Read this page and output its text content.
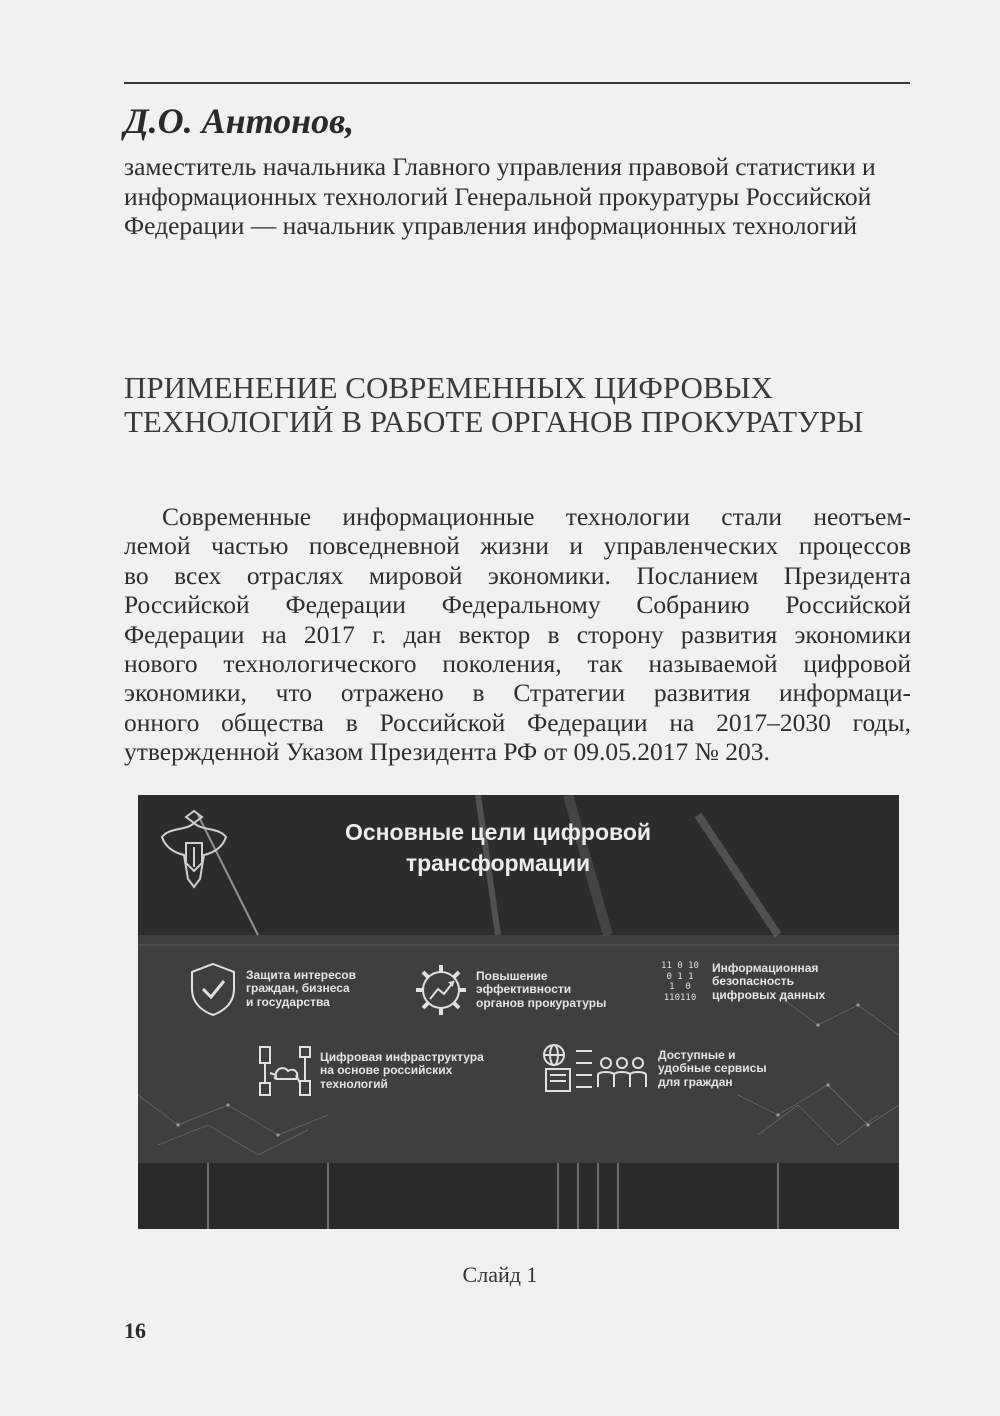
Д.О. Антонов,

заместитель начальника Главного управления правовой статистики и информационных технологий Генеральной прокуратуры Российской Федерации — начальник управления информационных технологий

ПРИМЕНЕНИЕ СОВРЕМЕННЫХ ЦИФРОВЫХ ТЕХНОЛОГИЙ В РАБОТЕ ОРГАНОВ ПРОКУРАТУРЫ
Современные информационные технологии стали неотъем-
лемой частью повседневной жизни и управленческих процессов
во всех отраслях мировой экономики. Посланием Президента
Российской Федерации Федеральному Собранию Российской
Федерации на 2017 г. дан вектор в сторону развития экономики
нового технологического поколения, так называемой цифровой
экономики, что отражено в Стратегии развития информаци-
онного общества в Российской Федерации на 2017–2030 годы,
утвержденной Указом Президента РФ от 09.05.2017 № 203.
Основные цели цифровой
трансформации
Защита интересов
граждан, бизнеса
и государства
Повышение
эффективности
органов прокуратуры
11 0 10
0 1 1
1  0
110110
Информационная
безопасность
цифровых данных
Цифровая инфраструктура
на основе российских
технологий
Доступные и
удобные сервисы
для граждан
Слайд 1
16
